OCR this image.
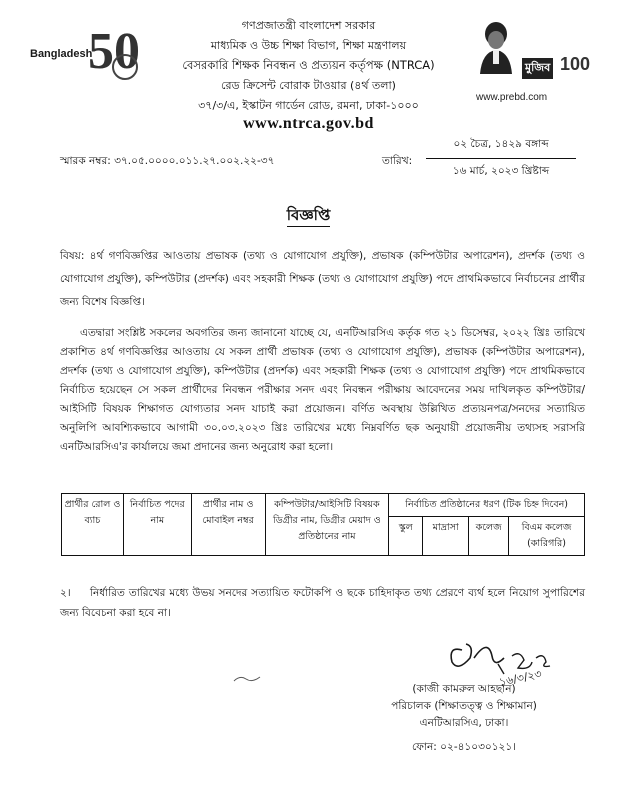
Bangladesh
50	মুজিব 100
www.prebd.com
গণপ্রজাতন্ত্রী বাংলাদেশ সরকার
মাধ্যমিক ও উচ্চ শিক্ষা বিভাগ, শিক্ষা মন্ত্রণালয়
বেসরকারি শিক্ষক নিবন্ধন ও প্রত্যয়ন কর্তৃপক্ষ (NTRCA)
রেড ক্রিসেন্ট বোরাক টাওয়ার (৪র্থ তলা)
৩৭/৩/এ, ইস্কাটন গার্ডেন রোড, রমনা, ঢাকা-১০০০
www.ntrca.gov.bd
স্মারক নম্বর: ৩৭.০৫.০০০০.০১১.২৭.০০২.২২-৩৭	তারিখ:
০২ চৈত্র, ১৪২৯ বঙ্গাব্দ
১৬ মার্চ, ২০২৩ খ্রিষ্টাব্দ
বিজ্ঞপ্তি
বিষয়: ৪র্থ গণবিজ্ঞপ্তির আওতায় প্রভাষক (তথ্য ও যোগাযোগ প্রযুক্তি), প্রভাষক (কম্পিউটার অপারেশন), প্রদর্শক (তথ্য ও যোগাযোগ প্রযুক্তি), কম্পিউটার (প্রদর্শক) এবং সহকারী শিক্ষক (তথ্য ও যোগাযোগ প্রযুক্তি) পদে প্রাথমিকভাবে নির্বাচনের প্রার্থীর জন্য বিশেষ বিজ্ঞপ্তি।
এতদ্বারা সংশ্লিষ্ট সকলের অবগতির জন্য জানানো যাচ্ছে যে, এনটিআরসিএ কর্তৃক গত ২১ ডিসেম্বর, ২০২২ খ্রিঃ তারিখে প্রকাশিত ৪র্থ গণবিজ্ঞপ্তির আওতায় যে সকল প্রার্থী প্রভাষক (তথ্য ও যোগাযোগ প্রযুক্তি), প্রভাষক (কম্পিউটার অপারেশন), প্রদর্শক (তথ্য ও যোগাযোগ প্রযুক্তি), কম্পিউটার (প্রদর্শক) এবং সহকারী শিক্ষক (তথ্য ও যোগাযোগ প্রযুক্তি) পদে প্রাথমিকভাবে নির্বাচিত হয়েছেন সে সকল প্রার্থীদের নিবন্ধন পরীক্ষার সনদ এবং নিবন্ধন পরীক্ষায় আবেদনের সময় দাখিলকৃত কম্পিউটার/আইসিটি বিষয়ক শিক্ষাগত যোগ্যতার সনদ যাচাই করা প্রয়োজন। বর্ণিত অবস্থায় উল্লিখিত প্রত্যয়নপত্র/সনদের সত্যায়িত অনুলিপি আবশ্যিকভাবে আগামী ৩০.০৩.২০২৩ খ্রিঃ তারিখের মধ্যে নিম্নবর্ণিত ছক অনুযায়ী প্রয়োজনীয় তথ্যসহ সরাসরি এনটিআরসিএ'র কার্যালয়ে জমা প্রদানের জন্য অনুরোধ করা হলো।
প্রার্থীর রোল ও ব্যাচ	নির্বাচিত পদের নাম	প্রার্থীর নাম ও মোবাইল নম্বর	কম্পিউটার/আইসিটি বিষয়ক ডিগ্রীর নাম, ডিগ্রীর মেয়াদ ও প্রতিষ্ঠানের নাম	নির্বাচিত প্রতিষ্ঠানের ধরণ (টিক চিহ্ন দিবেন)			
				স্কুল	মাদ্রাসা	কলেজ	বিএম কলেজ (কারিগরি)
২। নির্ধারিত তারিখের মধ্যে উভয় সনদের সত্যায়িত ফটোকপি ও ছকে চাহিদাকৃত তথ্য প্রেরণে ব্যর্থ হলে নিয়োগ সুপারিশের জন্য বিবেচনা করা হবে না।
১৬/৩/২৩
(কাজী কামরুল আহছান)
পরিচালক (শিক্ষাতত্ত্ব ও শিক্ষামান)
এনটিআরসিএ, ঢাকা।
ফোন: ০২-৪১০৩০১২১।
